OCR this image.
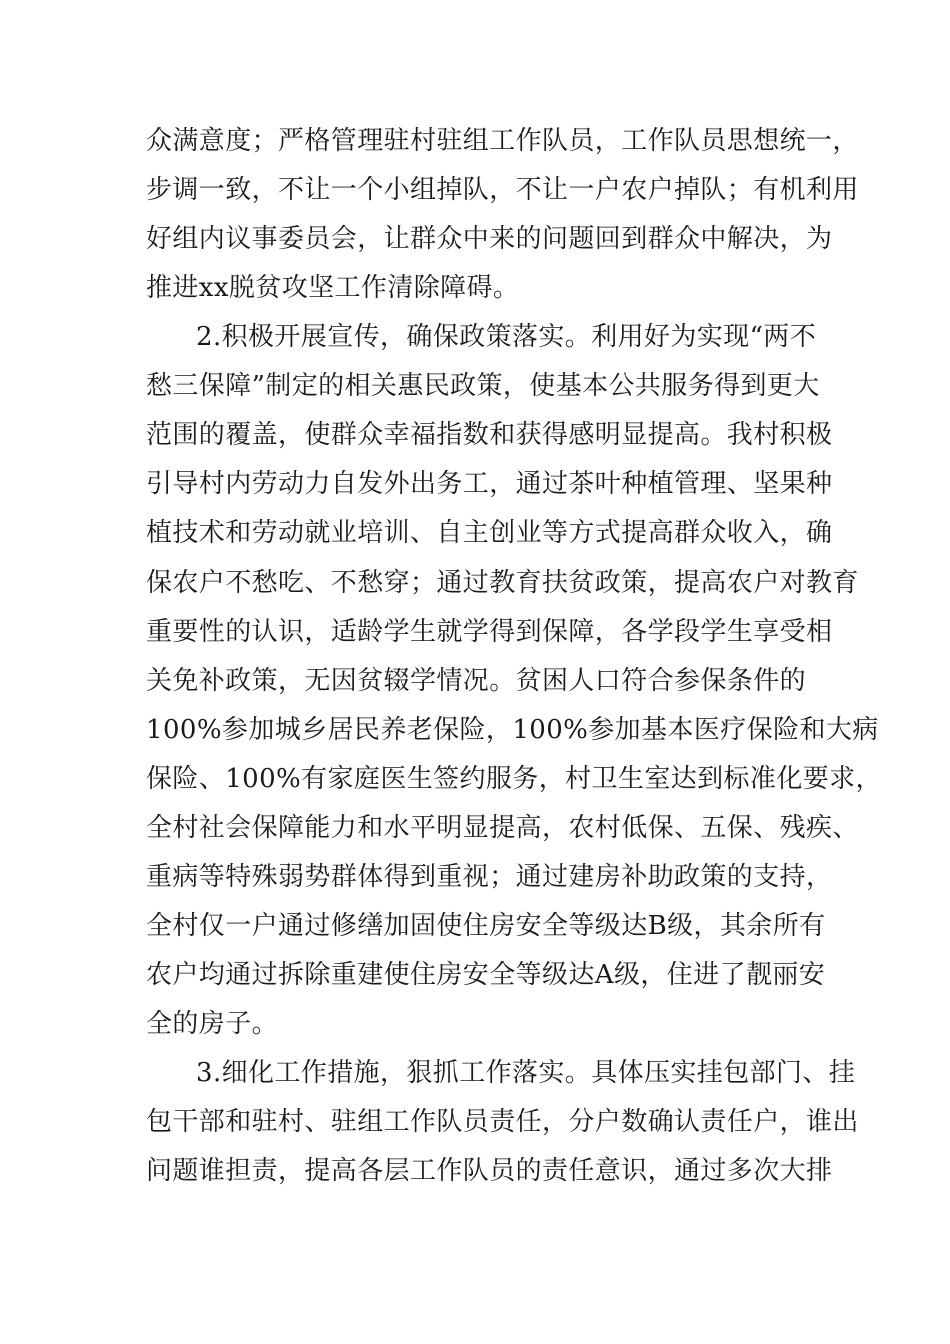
众满意度；严格管理驻村驻组工作队员，工作队员思想统一，
步调一致，不让一个小组掉队，不让一户农户掉队；有机利用
好组内议事委员会，让群众中来的问题回到群众中解决，为
推进xx脱贫攻坚工作清除障碍。
2.积极开展宣传，确保政策落实。利用好为实现“两不
愁三保障”制定的相关惠民政策，使基本公共服务得到更大
范围的覆盖，使群众幸福指数和获得感明显提高。我村积极
引导村内劳动力自发外出务工，通过茶叶种植管理、坚果种
植技术和劳动就业培训、自主创业等方式提高群众收入，确
保农户不愁吃、不愁穿；通过教育扶贫政策，提高农户对教育
重要性的认识，适龄学生就学得到保障，各学段学生享受相
关免补政策，无因贫辍学情况。贫困人口符合参保条件的
100%参加城乡居民养老保险，100%参加基本医疗保险和大病
保险、100%有家庭医生签约服务，村卫生室达到标准化要求，
全村社会保障能力和水平明显提高，农村低保、五保、残疾、
重病等特殊弱势群体得到重视；通过建房补助政策的支持，
全村仅一户通过修缮加固使住房安全等级达B级，其余所有
农户均通过拆除重建使住房安全等级达A级，住进了靓丽安
全的房子。
3.细化工作措施，狠抓工作落实。具体压实挂包部门、挂
包干部和驻村、驻组工作队员责任，分户数确认责任户，谁出
问题谁担责，提高各层工作队员的责任意识，通过多次大排
